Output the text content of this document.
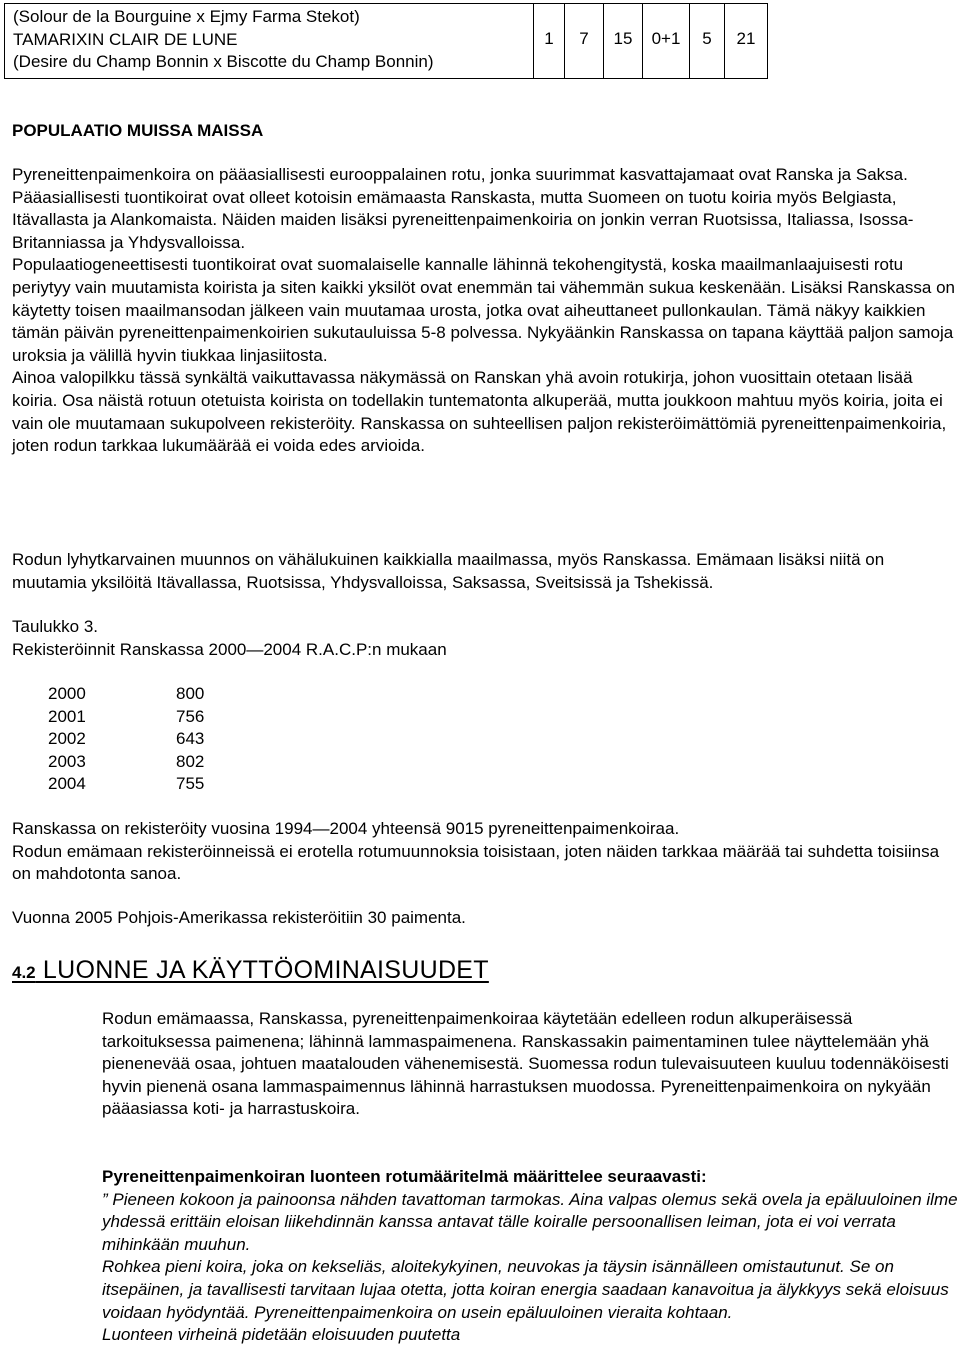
(Solour de la Bourguine x Ejmy Farma Stekot)
TAMARIXIN CLAIR DE LUNE
(Desire du Champ Bonnin x Biscotte du Champ Bonnin)
	1	7	15	0+1	5	21
POPULAATIO MUISSA MAISSA

Pyreneittenpaimenkoira on pääasiallisesti eurooppalainen rotu, jonka suurimmat kasvattajamaat ovat Ranska ja Saksa.

Pääasiallisesti tuontikoirat ovat olleet kotoisin emämaasta Ranskasta, mutta Suomeen on tuotu koiria myös Belgiasta, Itävallasta ja Alankomaista. Näiden maiden lisäksi pyreneittenpaimenkoiria on jonkin verran Ruotsissa, Italiassa, Isossa-Britanniassa ja Yhdysvalloissa.

Populaatiogeneettisesti tuontikoirat ovat suomalaiselle kannalle lähinnä tekohengitystä, koska maailmanlaajuisesti rotu periytyy vain muutamista koirista ja siten kaikki yksilöt ovat enemmän tai vähemmän sukua keskenään. Lisäksi Ranskassa on käytetty toisen maailmansodan jälkeen vain muutamaa urosta, jotka ovat aiheuttaneet pullonkaulan. Tämä näkyy kaikkien tämän päivän pyreneittenpaimenkoirien sukutauluissa 5-8 polvessa. Nykyäänkin Ranskassa on tapana käyttää paljon samoja uroksia ja välillä hyvin tiukkaa linjasiitosta.

Ainoa valopilkku tässä synkältä vaikuttavassa näkymässä on Ranskan yhä avoin rotukirja, johon vuosittain otetaan lisää koiria. Osa näistä rotuun otetuista koirista on todellakin tuntematonta alkuperää, mutta joukkoon mahtuu myös koiria, joita ei vain ole muutamaan sukupolveen rekisteröity. Ranskassa on suhteellisen paljon rekisteröimättömiä pyreneittenpaimenkoiria, joten rodun tarkkaa lukumäärää ei voida edes arvioida.

Rodun lyhytkarvainen muunnos on vähälukuinen kaikkialla maailmassa, myös Ranskassa. Emämaan lisäksi niitä on muutamia yksilöitä Itävallassa, Ruotsissa, Yhdysvalloissa, Saksassa, Sveitsissä ja Tshekissä.

Taulukko 3.

Rekisteröinnit Ranskassa 2000—2004 R.A.C.P:n mukaan

2000	800
2001	756
2002	643
2003	802
2004	755

Ranskassa on rekisteröity vuosina 1994—2004 yhteensä 9015 pyreneittenpaimenkoiraa.

Rodun emämaan rekisteröinneissä ei erotella rotumuunnoksia toisistaan, joten näiden tarkkaa määrää tai suhdetta toisiinsa on mahdotonta sanoa.

Vuonna 2005 Pohjois-Amerikassa rekisteröitiin 30 paimenta.

4.2 LUONNE JA KÄYTTÖOMINAISUUDET

Rodun emämaassa, Ranskassa, pyreneittenpaimenkoiraa käytetään edelleen rodun alkuperäisessä tarkoituksessa paimenena; lähinnä lammaspaimenena. Ranskassakin paimentaminen tulee näyttelemään yhä pienenevää osaa, johtuen maatalouden vähenemisestä. Suomessa rodun tulevaisuuteen kuuluu todennäköisesti hyvin pienenä osana lammaspaimennus lähinnä harrastuksen muodossa. Pyreneittenpaimenkoira on nykyään pääasiassa koti- ja harrastuskoira.

Pyreneittenpaimenkoiran luonteen rotumääritelmä määrittelee seuraavasti:

” Pieneen kokoon ja painoonsa nähden tavattoman tarmokas. Aina valpas olemus sekä ovela ja epäluuloinen ilme yhdessä erittäin eloisan liikehdinnän kanssa antavat tälle koiralle persoonallisen leiman, jota ei voi verrata mihinkään muuhun.

Rohkea pieni koira, joka on kekseliäs, aloitekykyinen, neuvokas ja täysin isännälleen omistautunut. Se on itsepäinen, ja tavallisesti tarvitaan lujaa otetta, jotta koiran energia saadaan kanavoitua ja älykkyys sekä eloisuus voidaan hyödyntää. Pyreneittenpaimenkoira on usein epäluuloinen vieraita kohtaan.

Luonteen virheinä pidetään eloisuuden puutetta
